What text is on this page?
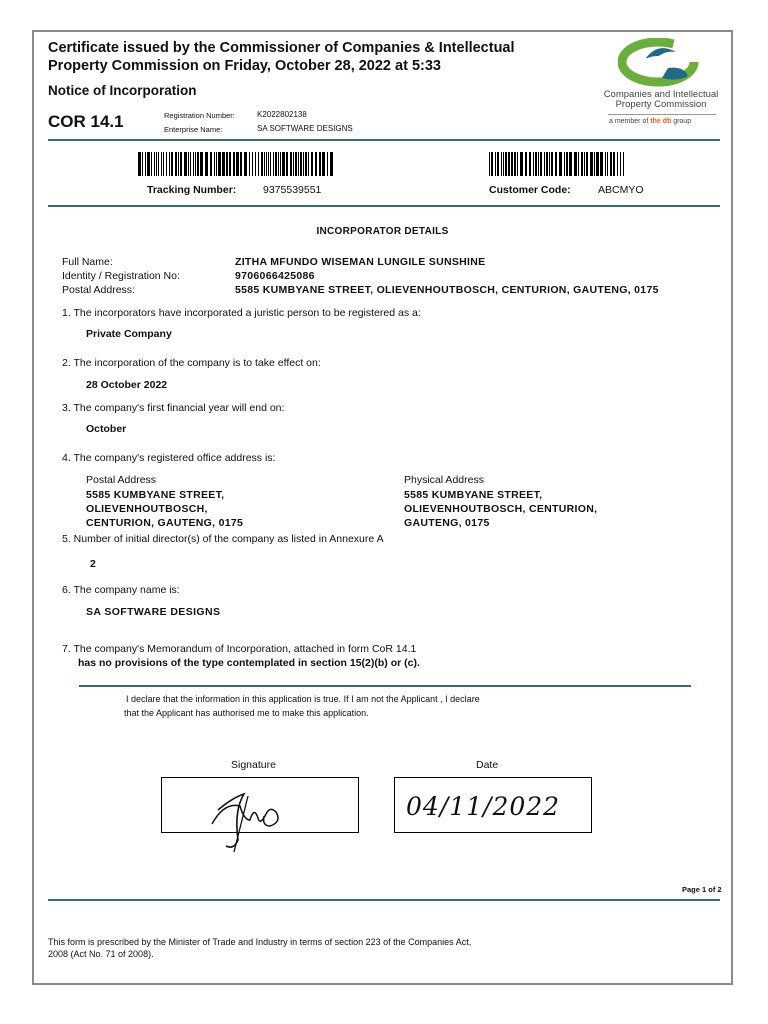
Certificate issued by the Commissioner of Companies & Intellectual
Property Commission on Friday, October 28, 2022 at 5:33
Notice of Incorporation
COR 14.1	Registration Number:	K2022802138
Enterprise Name:	SA SOFTWARE DESIGNS
Companies and Intellectual
Property Commission
a member of the dti group
Tracking Number:	9375539551	Customer Code:	ABCMYO
INCORPORATOR DETAILS
Full Name:	ZITHA MFUNDO WISEMAN LUNGILE SUNSHINE
Identity / Registration No:	9706066425086
Postal Address:	5585 KUMBYANE STREET, OLIEVENHOUTBOSCH, CENTURION, GAUTENG, 0175
1. The incorporators have incorporated a juristic person to be registered as a:
Private Company
2. The incorporation of the company is to take effect on:
28 October 2022
3. The company's first financial year will end on:
October
4. The company's registered office address is:
Postal Address
5585 KUMBYANE STREET,
OLIEVENHOUTBOSCH,
CENTURION, GAUTENG, 0175
Physical Address
5585 KUMBYANE STREET,
OLIEVENHOUTBOSCH, CENTURION,
GAUTENG, 0175
5. Number of initial director(s) of the company as listed in Annexure A
2
6. The company name is:
SA SOFTWARE DESIGNS
7. The company's Memorandum of Incorporation, attached in form CoR 14.1
has no provisions of the type contemplated in section 15(2)(b) or (c).
I declare that the information in this application is true. If I am not the Applicant , I declare
that the Applicant has authorised me to make this application.
Signature	Date
04/11/2022
Page 1 of 2
This form is prescribed by the Minister of Trade and Industry in terms of section 223 of the Companies Act,
2008 (Act No. 71 of 2008).
